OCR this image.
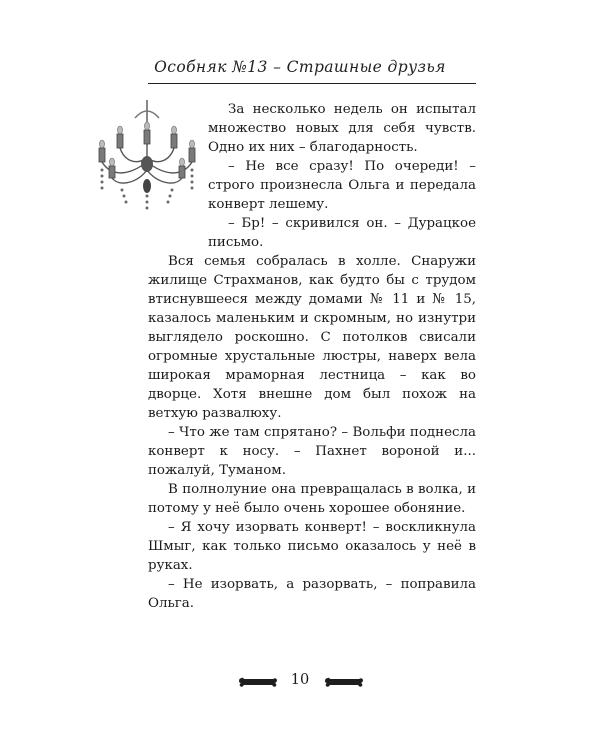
Особняк №13 – Страшные друзья

За несколько недель он испытал множество новых для себя чувств. Одно их них – благодарность.

– Не все сразу! По очереди! – строго произнесла Ольга и передала конверт лешему.

– Бр! – скривился он. – Дурацкое письмо.

Вся семья собралась в холле. Снаружи жилище Страхманов, как будто бы с трудом втиснувшееся между домами № 11 и № 15, казалось маленьким и скромным, но изнутри выглядело роскошно. С потолков свисали огромные хрустальные люстры, наверх вела широкая мраморная лестница – как во дворце. Хотя внешне дом был похож на ветхую развалюху.

– Что же там спрятано? – Вольфи поднесла конверт к носу. – Пахнет вороной и... пожалуй, Туманом.

В полнолуние она превращалась в волка, и потому у неё было очень хорошее обоняние.

– Я хочу изорвать конверт! – воскликнула Шмыг, как только письмо оказалось у неё в руках.

– Не изорвать, а разорвать, – поправила Ольга.

10
